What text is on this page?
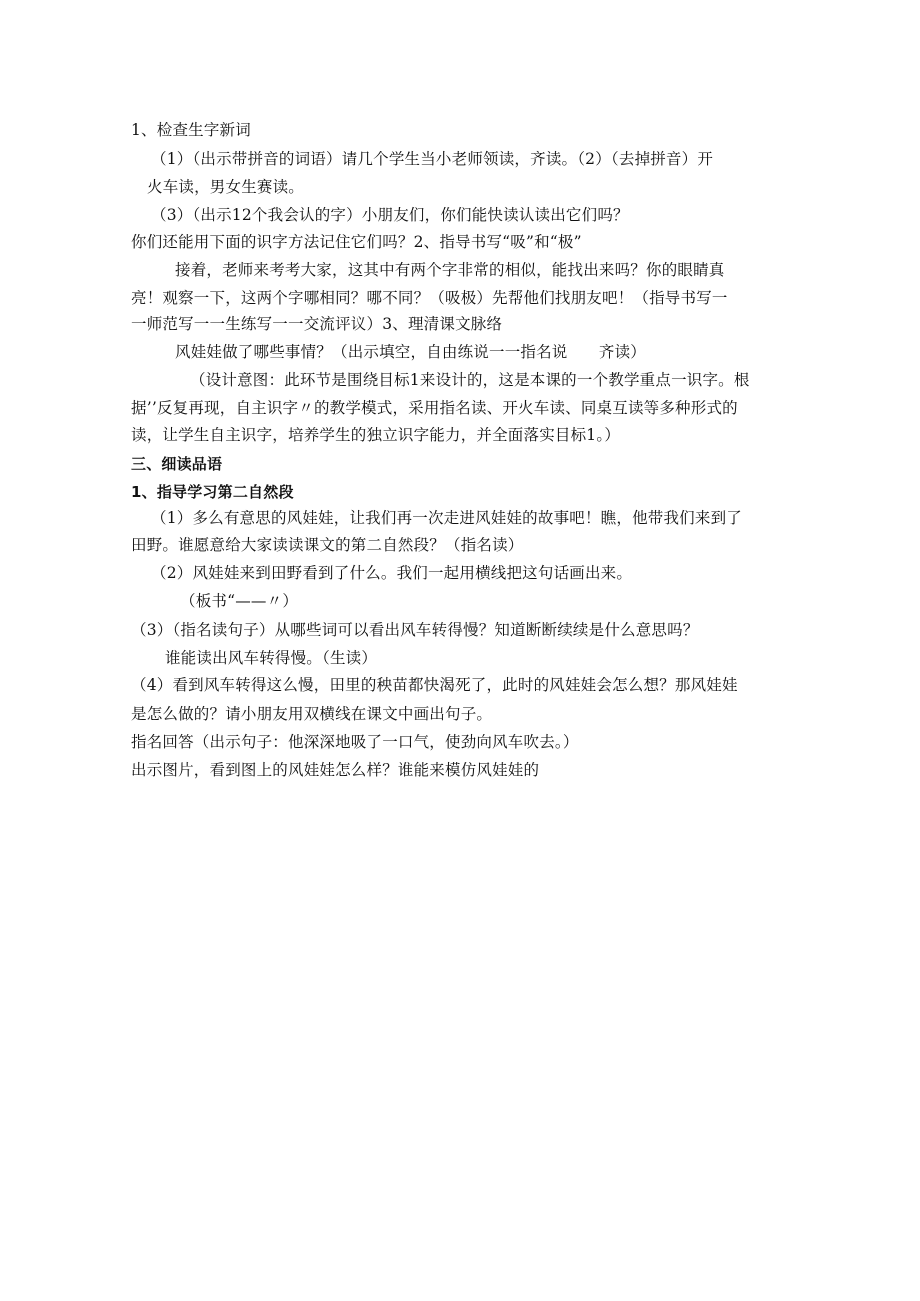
1、检查生字新词
（1）（出示带拼音的词语）请几个学生当小老师领读，齐读。（2）（去掉拼音）开
火车读，男女生赛读。
（3）（出示12个我会认的字）小朋友们，你们能快读认读出它们吗？
你们还能用下面的识字方法记住它们吗？2、指导书写“吸”和“极”
接着，老师来考考大家，这其中有两个字非常的相似，能找出来吗？你的眼睛真
亮！观察一下，这两个字哪相同？哪不同？（吸极）先帮他们找朋友吧！（指导书写一
一师范写一一生练写一一交流评议）3、理清课文脉络
风娃娃做了哪些事情？（出示填空，自由练说一一指名说　　齐读）
（设计意图：此环节是围绕目标1来设计的，这是本课的一个教学重点一识字。根
据’’反复再现，自主识字〃的教学模式，采用指名读、开火车读、同桌互读等多种形式的
读，让学生自主识字，培养学生的独立识字能力，并全面落实目标1。）
三、细读品语
1、指导学习第二自然段
（1）多么有意思的风娃娃，让我们再一次走进风娃娃的故事吧！瞧，他带我们来到了
田野。谁愿意给大家读读课文的第二自然段？（指名读）
（2）风娃娃来到田野看到了什么。我们一起用横线把这句话画出来。
（板书“——〃）
（3）（指名读句子）从哪些词可以看出风车转得慢？知道断断续续是什么意思吗？
谁能读出风车转得慢。（生读）
（4）看到风车转得这么慢，田里的秧苗都快渴死了，此时的风娃娃会怎么想？那风娃娃
是怎么做的？请小朋友用双横线在课文中画出句子。
指名回答（出示句子：他深深地吸了一口气，使劲向风车吹去。）
出示图片，看到图上的风娃娃怎么样？谁能来模仿风娃娃的
